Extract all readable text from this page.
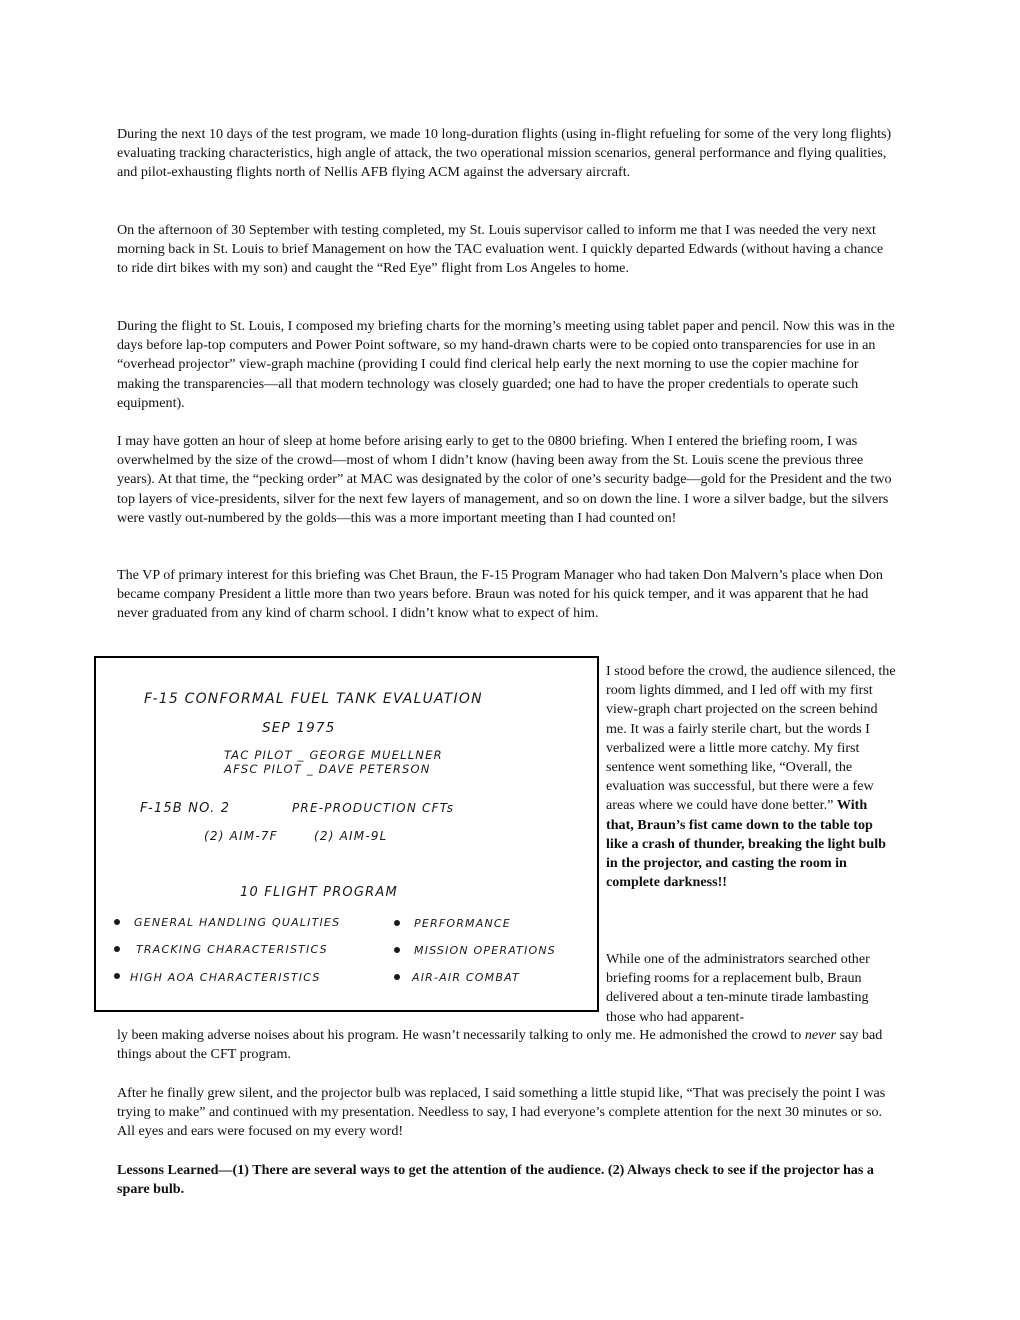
During the next 10 days of the test program, we made 10 long-duration flights (using in-flight refueling for some of the very long flights) evaluating tracking characteristics, high angle of attack, the two operational mission scenarios, general performance and flying qualities, and pilot-exhausting flights north of Nellis AFB flying ACM against the adversary aircraft.

On the afternoon of 30 September with testing completed, my St. Louis supervisor called to inform me that I was needed the very next morning back in St. Louis to brief Management on how the TAC evaluation went. I quickly departed Edwards (without having a chance to ride dirt bikes with my son) and caught the “Red Eye” flight from Los Angeles to home.

During the flight to St. Louis, I composed my briefing charts for the morning’s meeting using tablet paper and pencil. Now this was in the days before lap-top computers and Power Point software, so my hand-drawn charts were to be copied onto transparencies for use in an “overhead projector” view-graph machine (providing I could find clerical help early the next morning to use the copier machine for making the transparencies—all that modern technology was closely guarded; one had to have the proper credentials to operate such equipment).

I may have gotten an hour of sleep at home before arising early to get to the 0800 briefing. When I entered the briefing room, I was overwhelmed by the size of the crowd—most of whom I didn’t know (having been away from the St. Louis scene the previous three years). At that time, the “pecking order” at MAC was designated by the color of one’s security badge—gold for the President and the two top layers of vice-presidents, silver for the next few layers of management, and so on down the line. I wore a silver badge, but the silvers were vastly out-numbered by the golds—this was a more important meeting than I had counted on!

The VP of primary interest for this briefing was Chet Braun, the F-15 Program Manager who had taken Don Malvern’s place when Don became company President a little more than two years before. Braun was noted for his quick temper, and it was apparent that he had never graduated from any kind of charm school. I didn’t know what to expect of him.

F-15 CONFORMAL FUEL TANK EVALUATION
SEP 1975
TAC PILOT _ GEORGE MUELLNER
AFSC PILOT _ DAVE PETERSON
F-15B NO. 2	PRE-PRODUCTION CFTs
(2) AIM-7F	(2) AIM-9L
10 FLIGHT PROGRAM
GENERAL HANDLING QUALITIES
TRACKING CHARACTERISTICS
HIGH AOA CHARACTERISTICS
PERFORMANCE
MISSION OPERATIONS
AIR-AIR COMBAT

I stood before the crowd, the audience silenced, the room lights dimmed, and I led off with my first view-graph chart projected on the screen behind me. It was a fairly sterile chart, but the words I verbalized were a little more catchy. My first sentence went something like, “Overall, the evaluation was successful, but there were a few areas where we could have done better.” With that, Braun’s fist came down to the table top like a crash of thunder, breaking the light bulb in the projector, and casting the room in complete darkness!!

While one of the administrators searched other briefing rooms for a replacement bulb, Braun delivered about a ten-minute tirade lambasting those who had apparent-

ly been making adverse noises about his program. He wasn’t necessarily talking to only me. He admonished the crowd to never say bad things about the CFT program.

After he finally grew silent, and the projector bulb was replaced, I said something a little stupid like, “That was precisely the point I was trying to make” and continued with my presentation. Needless to say, I had everyone’s complete attention for the next 30 minutes or so. All eyes and ears were focused on my every word!

Lessons Learned—(1) There are several ways to get the attention of the audience. (2) Always check to see if the projector has a spare bulb.
